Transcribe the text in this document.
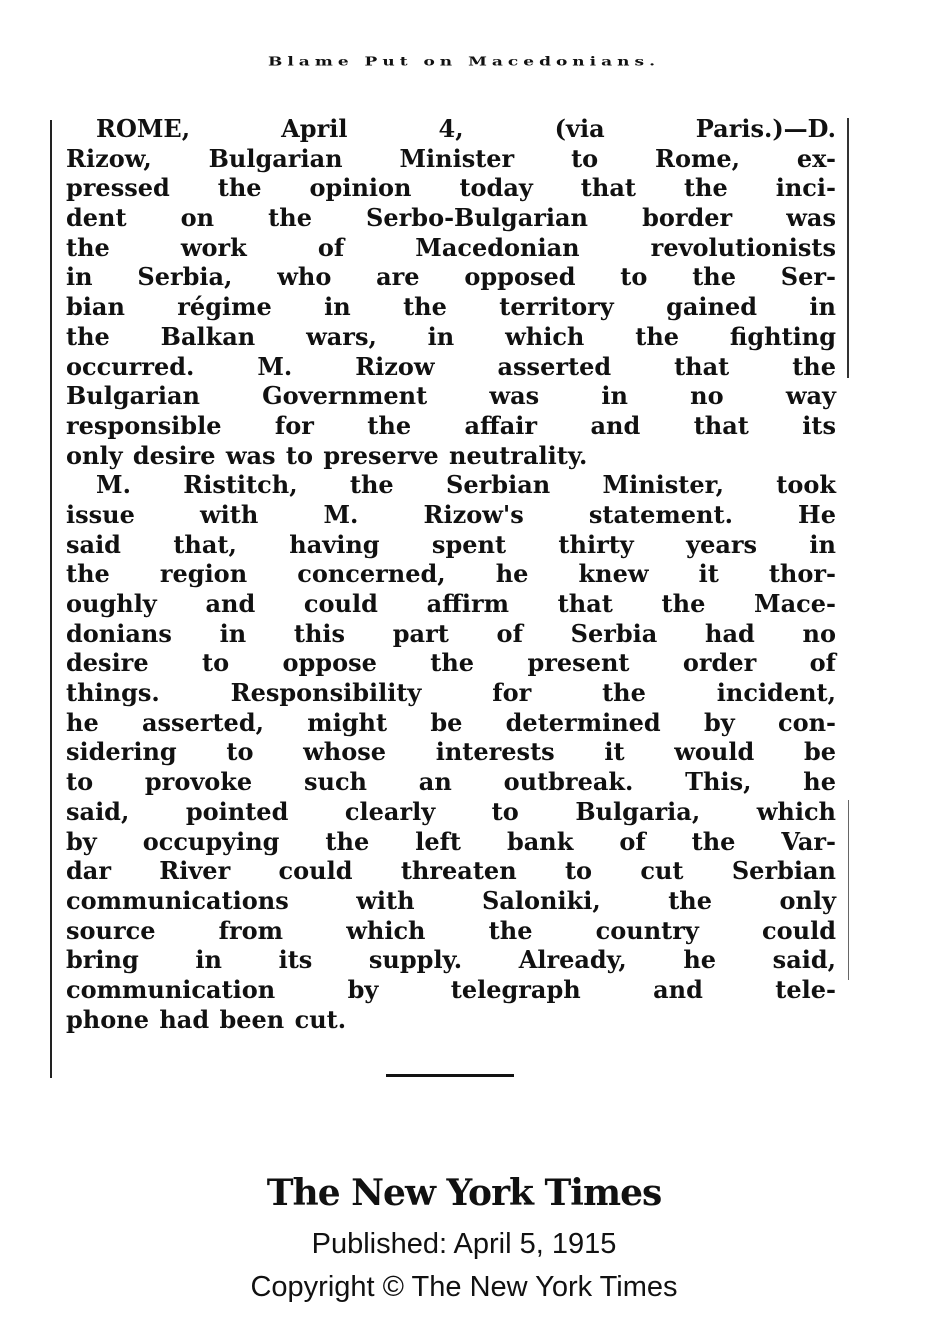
Blame Put on Macedonians.
ROME, April 4, (via Paris.)—D.
Rizow, Bulgarian Minister to Rome, ex-
pressed the opinion today that the inci-
dent on the Serbo-Bulgarian border was
the work of Macedonian revolutionists
in Serbia, who are opposed to the Ser-
bian régime in the territory gained in
the Balkan wars, in which the fighting
occurred. M. Rizow asserted that the
Bulgarian Government was in no way
responsible for the affair and that its
only desire was to preserve neutrality.
M. Ristitch, the Serbian Minister, took
issue with M. Rizow's statement. He
said that, having spent thirty years in
the region concerned, he knew it thor-
oughly and could affirm that the Mace-
donians in this part of Serbia had no
desire to oppose the present order of
things. Responsibility for the incident,
he asserted, might be determined by con-
sidering to whose interests it would be
to provoke such an outbreak. This, he
said, pointed clearly to Bulgaria, which
by occupying the left bank of the Var-
dar River could threaten to cut Serbian
communications with Saloniki, the only
source from which the country could
bring in its supply. Already, he said,
communication by telegraph and tele-
phone had been cut.
The New York Times
Published: April 5, 1915
Copyright © The New York Times
